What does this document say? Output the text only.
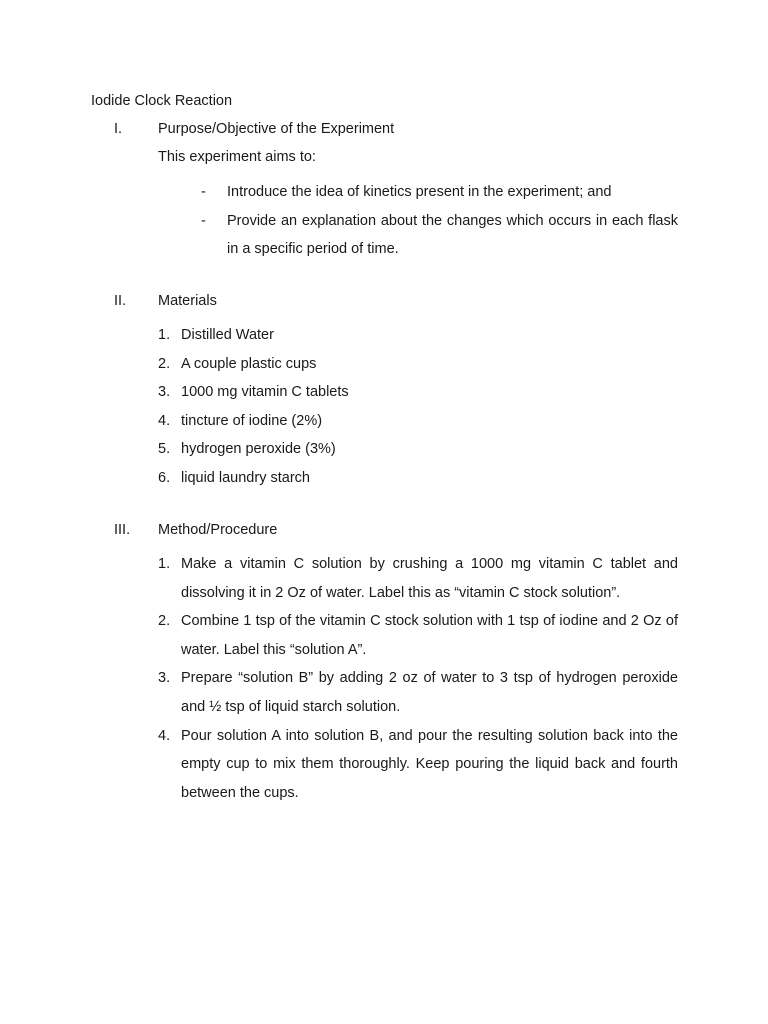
Iodide Clock Reaction
I. Purpose/Objective of the Experiment
This experiment aims to:
- Introduce the idea of kinetics present in the experiment; and
- Provide an explanation about the changes which occurs in each flask in a specific period of time.
II. Materials
1. Distilled Water
2. A couple plastic cups
3. 1000 mg vitamin C tablets
4. tincture of iodine (2%)
5. hydrogen peroxide (3%)
6. liquid laundry starch
III. Method/Procedure
1. Make a vitamin C solution by crushing a 1000 mg vitamin C tablet and dissolving it in 2 Oz of water. Label this as “vitamin C stock solution”.
2. Combine 1 tsp of the vitamin C stock solution with 1 tsp of iodine and 2 Oz of water. Label this “solution A”.
3. Prepare “solution B” by adding 2 oz of water to 3 tsp of hydrogen peroxide and ½ tsp of liquid starch solution.
4. Pour solution A into solution B, and pour the resulting solution back into the empty cup to mix them thoroughly. Keep pouring the liquid back and fourth between the cups.
